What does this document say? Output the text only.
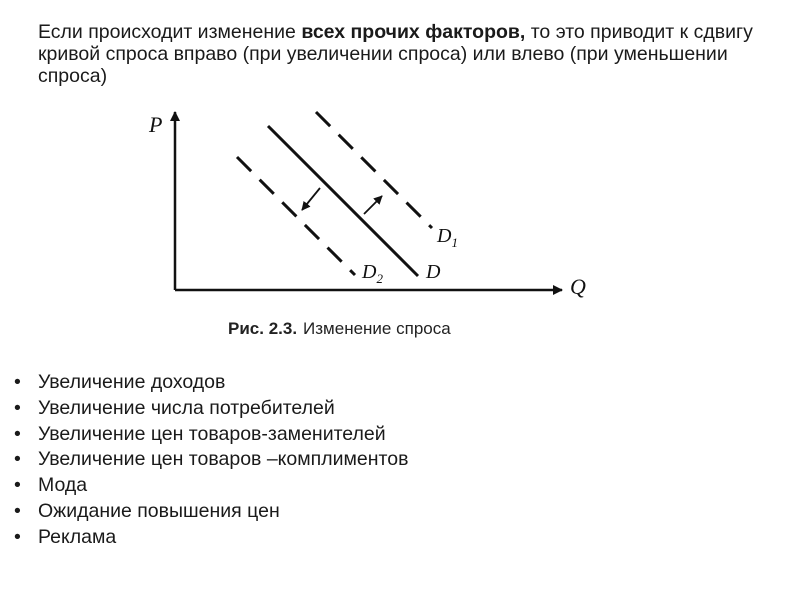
Если происходит изменение всех прочих факторов, то это приводит к сдвигу кривой спроса вправо (при увеличении спроса) или влево (при уменьшении спроса)

P
Q
$D_1$
$D_2$ D
Рис. 2.3. Изменение спроса
• Увеличение доходов
• Увеличение числа потребителей
• Увеличение цен товаров-заменителей
• Увеличение цен товаров –комплиментов
• Мода
• Ожидание повышения цен
• Реклама
